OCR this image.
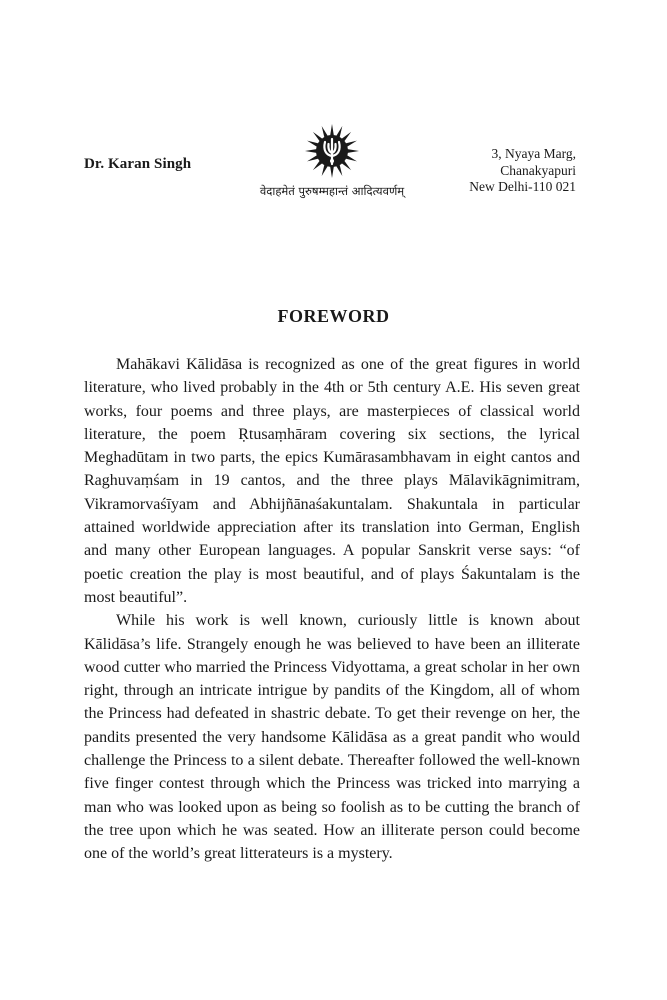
Dr. Karan Singh
वेदाहमेतं पुरुषम्महान्तं आदित्यवर्णम्
3, Nyaya Marg,
Chanakyapuri
New Delhi-110 021
FOREWORD

Mahākavi Kālidāsa is recognized as one of the great figures in world literature, who lived probably in the 4th or 5th century A.E. His seven great works, four poems and three plays, are masterpieces of classical world literature, the poem Ṛtusaṃhāram covering six sections, the lyrical Meghadūtam in two parts, the epics Kumārasambhavam in eight cantos and Raghuvaṃśam in 19 cantos, and the three plays Mālavikāgnimitram, Vikramorvaśīyam and Abhijñānaśakuntalam. Shakuntala in particular attained worldwide appreciation after its translation into German, English and many other European languages. A popular Sanskrit verse says: “of poetic creation the play is most beautiful, and of plays Śakuntalam is the most beautiful”.

While his work is well known, curiously little is known about Kālidāsa’s life. Strangely enough he was believed to have been an illiterate wood cutter who married the Princess Vidyottama, a great scholar in her own right, through an intricate intrigue by pandits of the Kingdom, all of whom the Princess had defeated in shastric debate. To get their revenge on her, the pandits presented the very handsome Kālidāsa as a great pandit who would challenge the Princess to a silent debate. Thereafter followed the well-known five finger contest through which the Princess was tricked into marrying a man who was looked upon as being so foolish as to be cutting the branch of the tree upon which he was seated. How an illiterate person could become one of the world’s great litterateurs is a mystery.
